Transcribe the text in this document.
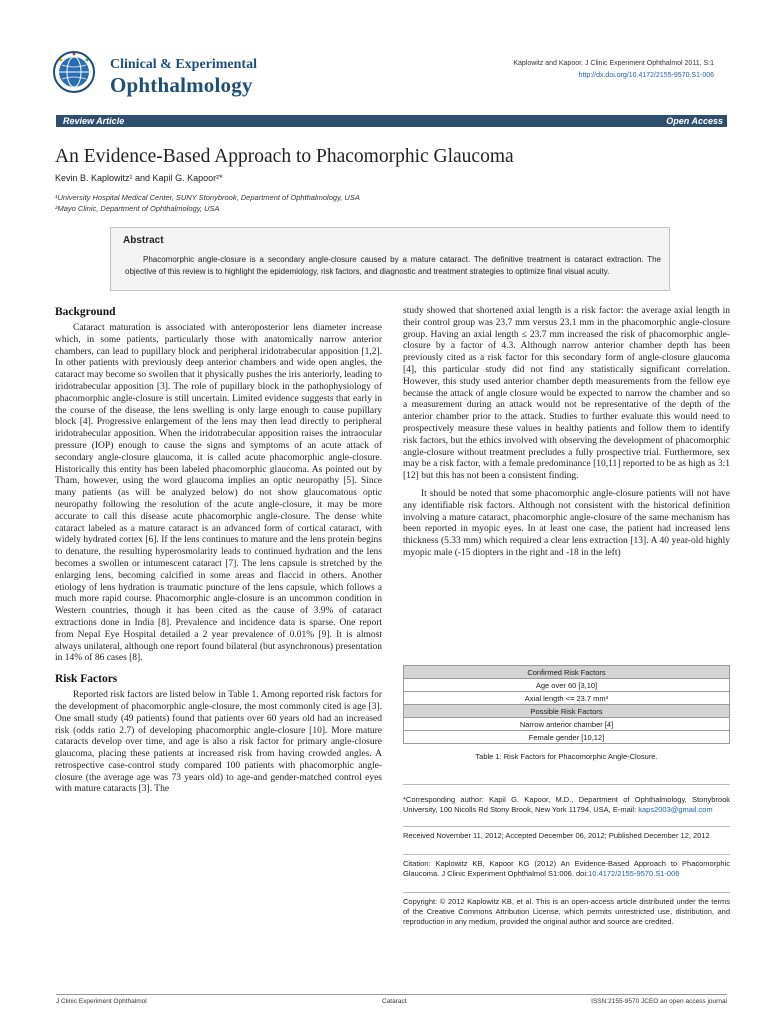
Clinical & Experimental
Ophthalmology
Kaplowitz and Kapoor, J Clinic Experiment Ophthalmol 2011, S:1
http://dx.doi.org/10.4172/2155-9570.S1-006
Review Article	Open Access
An Evidence-Based Approach to Phacomorphic Glaucoma
Kevin B. Kaplowitz¹ and Kapil G. Kapoor²*
¹University Hospital Medical Center, SUNY Stonybrook, Department of Ophthalmology, USA
²Mayo Clinic, Department of Ophthalmology, USA
Abstract
Phacomorphic angle-closure is a secondary angle-closure caused by a mature cataract. The definitive treatment is cataract extraction. The objective of this review is to highlight the epidemiology, risk factors, and diagnostic and treatment strategies to optimize final visual acuity.
Background

Cataract maturation is associated with anteroposterior lens diameter increase which, in some patients, particularly those with anatomically narrow anterior chambers, can lead to pupillary block and peripheral iridotrabecular apposition [1,2]. In other patients with previously deep anterior chambers and wide open angles, the cataract may become so swollen that it physically pushes the iris anteriorly, leading to iridotrabecular apposition [3]. The role of pupillary block in the pathophysiology of phacomorphic angle-closure is still uncertain. Limited evidence suggests that early in the course of the disease, the lens swelling is only large enough to cause pupillary block [4]. Progressive enlargement of the lens may then lead directly to peripheral iridotrabecular apposition. When the iridotrabecular apposition raises the intraocular pressure (IOP) enough to cause the signs and symptoms of an acute attack of secondary angle-closure glaucoma, it is called acute phacomorphic angle-closure. Historically this entity has been labeled phacomorphic glaucoma. As pointed out by Tham, however, using the word glaucoma implies an optic neuropathy [5]. Since many patients (as will be analyzed below) do not show glaucomatous optic neuropathy following the resolution of the acute angle-closure, it may be more accurate to call this disease acute phacomorphic angle-closure. The dense white cataract labeled as a mature cataract is an advanced form of cortical cataract, with widely hydrated cortex [6]. If the lens continues to mature and the lens protein begins to denature, the resulting hyperosmolarity leads to continued hydration and the lens becomes a swollen or intumescent cataract [7]. The lens capsule is stretched by the enlarging lens, becoming calcified in some areas and flaccid in others. Another etiology of lens hydration is traumatic puncture of the lens capsule, which follows a much more rapid course. Phacomorphic angle-closure is an uncommon condition in Western countries, though it has been cited as the cause of 3.9% of cataract extractions done in India [8]. Prevalence and incidence data is sparse. One report from Nepal Eye Hospital detailed a 2 year prevalence of 0.01% [9]. It is almost always unilateral, although one report found bilateral (but asynchronous) presentation in 14% of 86 cases [8].

Risk Factors

Reported risk factors are listed below in Table 1. Among reported risk factors for the development of phacomorphic angle-closure, the most commonly cited is age [3]. One small study (49 patients) found that patients over 60 years old had an increased risk (odds ratio 2.7) of developing phacomorphic angle-closure [10]. More mature cataracts develop over time, and age is also a risk factor for primary angle-closure glaucoma, placing these patients at increased risk from having crowded angles. A retrospective case-control study compared 100 patients with phacomorphic angle-closure (the average age was 73 years old) to age-and gender-matched control eyes with mature cataracts [3]. The

study showed that shortened axial length is a risk factor: the average axial length in their control group was 23.7 mm versus 23.1 mm in the phacomorphic angle-closure group. Having an axial length ≤ 23.7 mm increased the risk of phacomorphic angle-closure by a factor of 4.3. Although narrow anterior chamber depth has been previously cited as a risk factor for this secondary form of angle-closure glaucoma [4], this particular study did not find any statistically significant correlation. However, this study used anterior chamber depth measurements from the fellow eye because the attack of angle closure would be expected to narrow the chamber and so a measurement during an attack would not be representative of the depth of the anterior chamber prior to the attack. Studies to further evaluate this would need to prospectively measure these values in healthy patients and follow them to identify risk factors, but the ethics involved with observing the development of phacomorphic angle-closure without treatment precludes a fully prospective trial. Furthermore, sex may be a risk factor, with a female predominance [10,11] reported to be as high as 3:1 [12] but this has not been a consistent finding.

It should be noted that some phacomorphic angle-closure patients will not have any identifiable risk factors. Although not consistent with the historical definition involving a mature cataract, phacomorphic angle-closure of the same mechanism has been reported in myopic eyes. In at least one case, the patient had increased lens thickness (5.33 mm) which required a clear lens extraction [13]. A 40 year-old highly myopic male (-15 diopters in the right and -18 in the left)

Confirmed Risk Factors
Age over 60 [3,10]
Axial length <= 23.7 mm³
Possible Risk Factors
Narrow anterior chamber [4]
Female gender [10,12]
Table 1: Risk Factors for Phacomorphic Angle-Closure.

*Corresponding author: Kapil G. Kapoor, M.D., Department of Ophthalmology, Stonybrook University, 100 Nicolls Rd Stony Brook, New York 11794, USA, E-mail: kaps2003@gmail.com

Received November 11, 2012; Accepted December 06, 2012; Published December 12, 2012

Citation: Kaplowitz KB, Kapoor KG (2012) An Evidence-Based Approach to Phacomorphic Glaucoma. J Clinic Experiment Ophthalmol S1:006. doi:10.4172/2155-9570.S1-006

Copyright: © 2012 Kaplowitz KB, et al. This is an open-access article distributed under the terms of the Creative Commons Attribution License, which permits unrestricted use, distribution, and reproduction in any medium, provided the original author and source are credited.

J Clinic Experiment Ophthalmol	Cataract	ISSN:2155-9570 JCEO an open access journal
